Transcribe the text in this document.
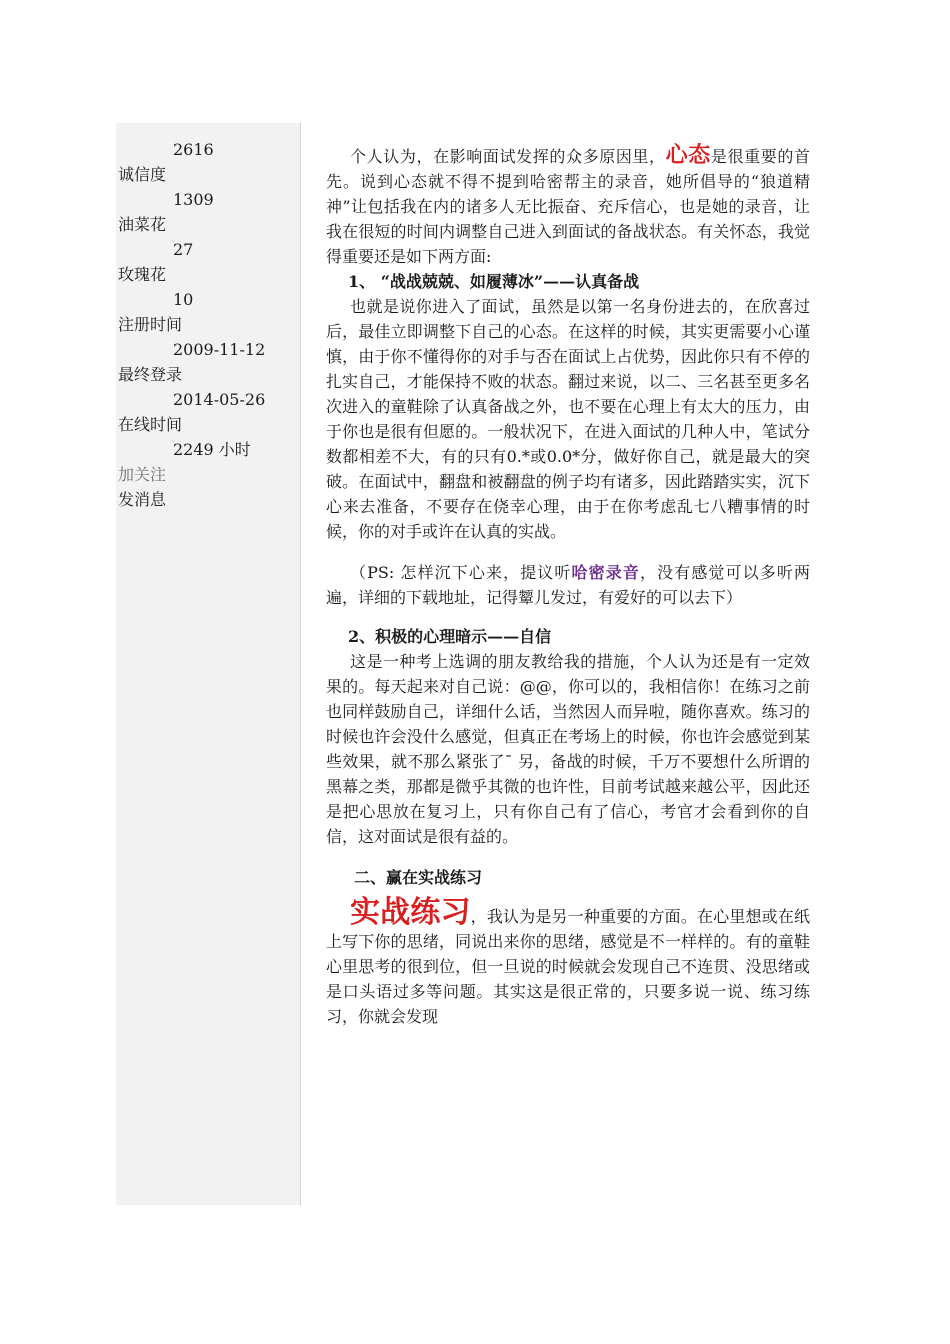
2616
诚信度
1309
油菜花
27
玫瑰花
10
注册时间
2009-11-12
最终登录
2014-05-26
在线时间
2249 小时
加关注
发消息

个人认为，在影响面试发挥的众多原因里，心态是很重要的首先。说到心态就不得不提到哈密帮主的录音，她所倡导的“狼道精神”让包括我在内的诸多人无比振奋、充斥信心，也是她的录音，让我在很短的时间内调整自己进入到面试的备战状态。有关怀态，我觉得重要还是如下两方面:

1、 “战战兢兢、如履薄冰”——认真备战

也就是说你进入了面试，虽然是以第一名身份进去的，在欣喜过后，最佳立即调整下自己的心态。在这样的时候，其实更需要小心谨慎，由于你不懂得你的对手与否在面试上占优势，因此你只有不停的扎实自己，才能保持不败的状态。翻过来说，以二、三名甚至更多名次进入的童鞋除了认真备战之外，也不要在心理上有太大的压力，由于你也是很有但愿的。一般状况下，在进入面试的几种人中，笔试分数都相差不大，有的只有0.*或0.0*分，做好你自己，就是最大的突破。在面试中，翻盘和被翻盘的例子均有诸多，因此踏踏实实，沉下心来去准备，不要存在侥幸心理，由于在你考虑乱七八糟事情的时候，你的对手或许在认真的实战。

（PS: 怎样沉下心来，提议听哈密录音，没有感觉可以多听两遍，详细的下载地址，记得颦儿发过，有爱好的可以去下）

2、积极的心理暗示——自信

这是一种考上选调的朋友教给我的措施，个人认为还是有一定效果的。每天起来对自己说：@@，你可以的，我相信你！在练习之前也同样鼓励自己，详细什么话，当然因人而异啦，随你喜欢。练习的时候也许会没什么感觉，但真正在考场上的时候，你也许会感觉到某些效果，就不那么紧张了¯ 另，备战的时候，千万不要想什么所谓的黑幕之类，那都是微乎其微的也许性，目前考试越来越公平，因此还是把心思放在复习上，只有你自己有了信心，考官才会看到你的自信，这对面试是很有益的。

二、赢在实战练习

实战练习，我认为是另一种重要的方面。在心里想或在纸上写下你的思绪，同说出来你的思绪，感觉是不一样样的。有的童鞋心里思考的很到位，但一旦说的时候就会发现自己不连贯、没思绪或是口头语过多等问题。其实这是很正常的，只要多说一说、练习练习，你就会发现
